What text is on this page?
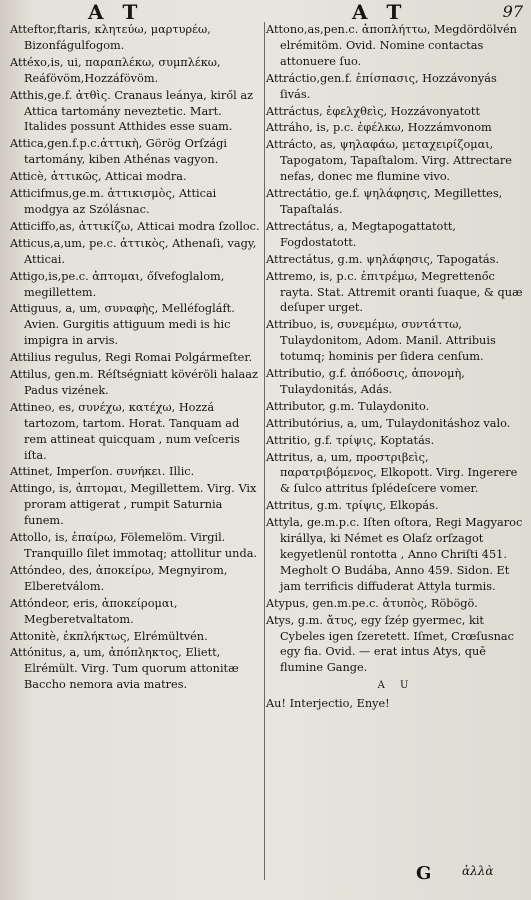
A T	A T	97
Atteftor,ftaris, κλητεύω, μαρτυρέω, Bizonfágulfogom.
Attéxo,is, ui, παραπλέκω, συμπλέκω, Reáfövöm,Hozzáfövöm.
Atthis,ge.f. ἀτθὶς. Cranaus leánya, kiről az Attica tartomány neveztetic. Mart. Italides possunt Atthides esse suam.
Attica,gen.f.p.c.ἀττικὴ, Görög Orſzági tartomány, kiben Athénas vagyon.
Atticè, ἀττικῶς, Atticai modra.
Atticifmus,ge.m. ἀττικισμὸς, Atticai modgya az Szólásnac.
Atticiffo,as, ἀττικίζω, Atticai modra ſzolloc.
Atticus,a,um, pe.c. ἀττικὸς, Athenaſi, vagy, Atticai.
Attigo,is,pe.c. ἀπτομαι, őſvefoglalom, megillettem.
Attiguus, a, um, συναφὴς, Melléfogláft. Avien. Gurgitis attiguum medi is hic impigra in arvis.
Attilius regulus, Regi Romai Polgármeſter.
Attilus, gen.m. Réſtségniatt kövéröli halaaz Padus vizének.
Attineo, es, συνέχω, κατέχω, Hozzá tartozom, tartom. Horat. Tanquam ad rem attineat quicquam , num veſceris iſta.
Attinet, Imperſon. συνήκει. Illic.
Attingo, is, ἁπτομαι, Megillettem. Virg. Vix proram attigerat , rumpit Saturnia funem.
Attollo, is, ἐπαίρω, Fölemelöm. Virgil. Tranquillo ſilet immotaq; attollitur unda.
Attóndeo, des, ἀποκείρω, Megnyirom, Elberetválom.
Attóndeor, eris, ἀποκείρομαι, Megberetvaltatom.
Attonitè, ἐκπλήκτως, Elrémültvén.
Attónitus, a, um, ἀπόπληκτος, Eliett, Elrémült. Virg. Tum quorum attonitæ Baccho nemora avia matres.
Attono,as,pen.c. ἀποπλήττω, Megdördölvén elrémitöm. Ovid. Nomine contactas attonuere ſuo.
Attráctio,gen.f. ἐπίσπασις, Hozzávonyás ſivás.
Attráctus, ἐφελχθεὶς, Hozzávonyatott
Attráho, is, p.c. ἐφέλκω, Hozzámvonom
Attrácto, as, ψηλαφάω, μεταχειρίζομαι, Tapogatom, Tapaſtalom. Virg. Attrectare nefas, donec me flumine vivo.
Attrectátio, ge.f. ψηλάφησις, Megillettes, Tapaſtalás.
Attrectátus, a, Megtapogattatott, Fogdostatott.
Attrectátus, g.m. ψηλάφησις, Tapogatás.
Attremo, is, p.c. ἐπιτρέμω, Megrettenőc rayta. Stat. Attremit oranti ſuaque, & quæ deſuper urget.
Attribuo, is, συνεμέμω, συντάττω, Tulaydonitom, Adom. Manil. Attribuis totumq; hominis per ſidera cenſum.
Attributio, g.f. ἀπόδοσις, ἀπονομὴ, Tulaydonitás, Adás.
Attributor, g.m. Tulaydonito.
Attributórius, a, um, Tulaydonitáshoz valo.
Attritio, g.f. τρίψις, Koptatás.
Attritus, a, um, προστριβεὶς, παρατριβόμενος, Elkopott. Virg. Ingerere & ſulco attritus ſplédeſcere vomer.
Attritus, g.m. τρίψις, Elkopás.
Attyla, ge.m.p.c. Iſten oſtora, Regi Magyaroc királlya, ki Német es Olaſz orſzagot kegyetlenül rontotta , Anno Chriſti 451. Megholt O Budába, Anno 459. Sidon. Et jam terrificis diffuderat Attyla turmis.
Atypus, gen.m.pe.c. ἀτυπὸς, Röbögö.
Atys, g.m. ἄτυς, egy ſzép gyermec, kit Cybeles igen ſzeretett. Iſmet, Crœſusnac egy fia. Ovid. — erat intus Atys, quē flumine Gange.
A U
Au! Interjectio, Enye!
G	ἁλλὰ
